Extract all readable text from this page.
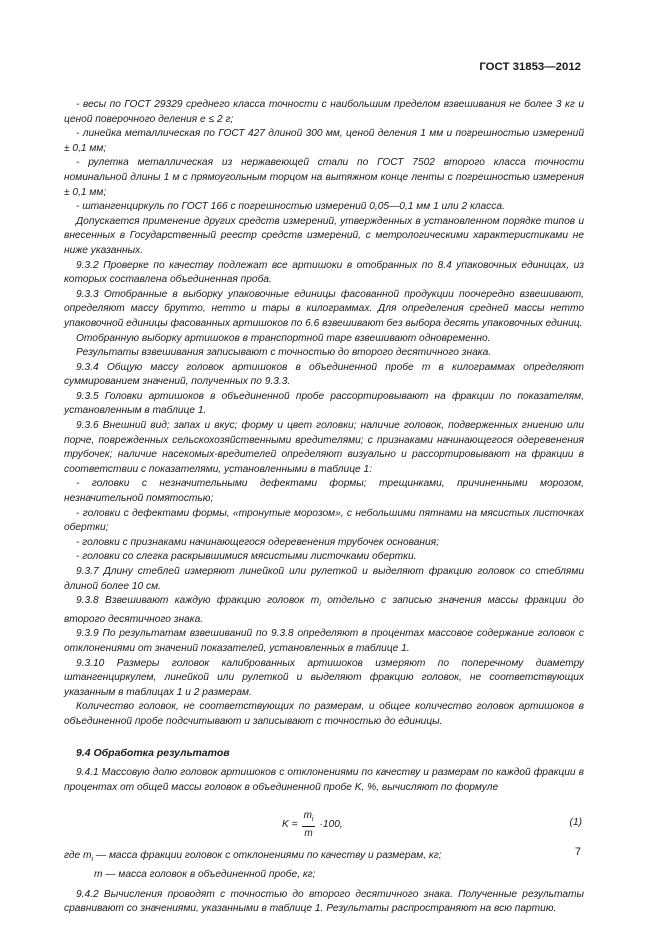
ГОСТ 31853—2012

- весы по ГОСТ 29329 среднего класса точности с наибольшим пределом взвешивания не более 3 кг и ценой поверочного деления е ≤ 2 г;

- линейка металлическая по ГОСТ 427 длиной 300 мм, ценой деления 1 мм и погрешностью измерений ± 0,1 мм;

- рулетка металлическая из нержавеющей стали по ГОСТ 7502 второго класса точности номинальной длины 1 м с прямоугольным торцом на вытяжном конце ленты с погрешностью измерения ± 0,1 мм;

- штангенциркуль по ГОСТ 166 с погрешностью измерений 0,05—0,1 мм 1 или 2 класса.

Допускается применение других средств измерений, утвержденных в установленном порядке типов и внесенных в Государственный реестр средств измерений, с метрологическими характеристиками не ниже указанных.

9.3.2 Проверке по качеству подлежат все артишоки в отобранных по 8.4 упаковочных единицах, из которых составлена объединенная проба.

9.3.3 Отобранные в выборку упаковочные единицы фасованной продукции поочередно взвешивают, определяют массу брутто, нетто и тары в килограммах. Для определения средней массы нетто упаковочной единицы фасованных артишоков по 6.6 взвешивают без выбора десять упаковочных единиц.

Отобранную выборку артишоков в транспортной таре взвешивают одновременно.

Результаты взвешивания записывают с точностью до второго десятичного знака.

9.3.4 Общую массу головок артишоков в объединенной пробе m в килограммах определяют суммированием значений, полученных по 9.3.3.

9.3.5 Головки артишоков в объединенной пробе рассортировывают на фракции по показателям, установленным в таблице 1.

9.3.6 Внешний вид; запах и вкус; форму и цвет головки; наличие головок, подверженных гниению или порче, поврежденных сельскохозяйственными вредителями; с признаками начинающегося одеревенения трубочек; наличие насекомых-вредителей определяют визуально и рассортировывают на фракции в соответствии с показателями, установленными в таблице 1:

- головки с незначительными дефектами формы; трещинками, причиненными морозом, незначительной помятостью;

- головки с дефектами формы, «тронутые морозом», с небольшими пятнами на мясистых листочках обертки;

- головки с признаками начинающегося одеревенения трубочек основания;

- головки со слегка раскрывшимися мясистыми листочками обертки.

9.3.7 Длину стеблей измеряют линейкой или рулеткой и выделяют фракцию головок со стеблями длиной более 10 см.

9.3.8 Взвешивают каждую фракцию головок $m_i$ отдельно с записью значения массы фракции до второго десятичного знака.

9.3.9 По результатам взвешиваний по 9.3.8 определяют в процентах массовое содержание головок с отклонениями от значений показателей, установленных в таблице 1.

9.3.10 Размеры головок калиброванных артишоков измеряют по поперечному диаметру штангенциркулем, линейкой или рулеткой и выделяют фракцию головок, не соответствующих указанным в таблицах 1 и 2 размерам.

Количество головок, не соответствующих по размерам, и общее количество головок артишоков в объединенной пробе подсчитывают и записывают с точностью до единицы.

9.4 Обработка результатов

9.4.1 Массовую долю головок артишоков с отклонениями по качеству и размерам по каждой фракции в процентах от общей массы головок в объединенной пробе K, %, вычисляют по формуле

$K = \frac{m_i}{m} \cdot 100$,	(1)

где $m_i$ — масса фракции головок с отклонениями по качеству и размерам, кг;

m — масса головок в объединенной пробе, кг;

9.4.2 Вычисления проводят с точностью до второго десятичного знака. Полученные результаты сравнивают со значениями, указанными в таблице 1. Результаты распространяют на всю партию.

7
